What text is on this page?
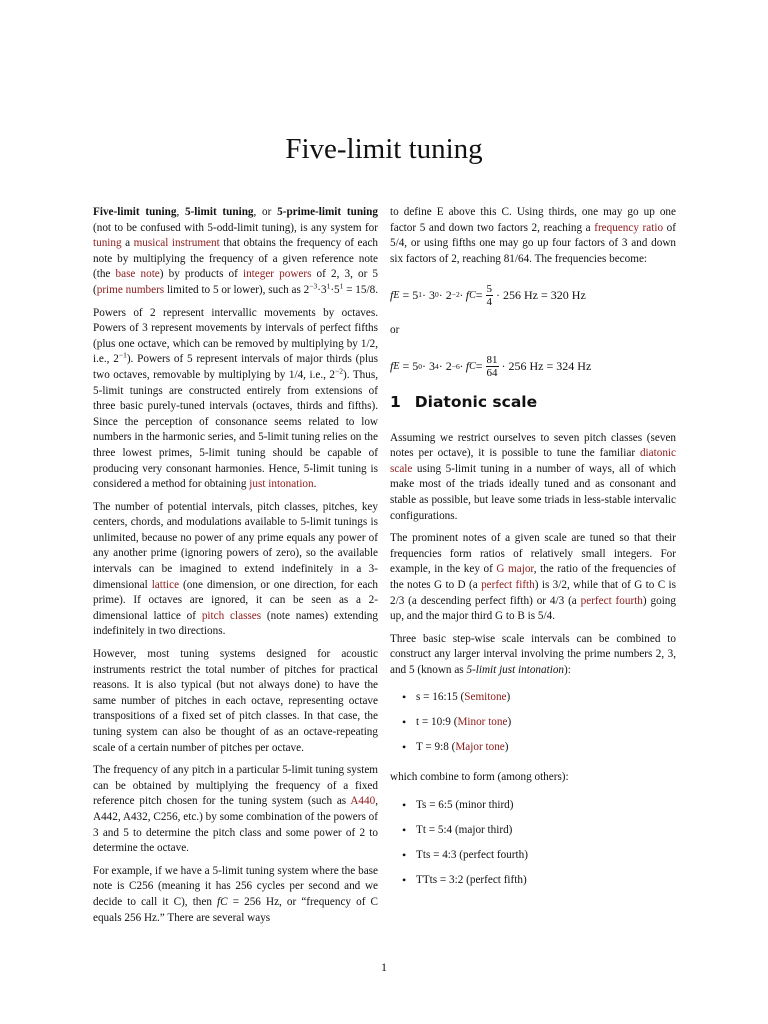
Five-limit tuning

Five-limit tuning, 5-limit tuning, or 5-prime-limit tuning (not to be confused with 5-odd-limit tuning), is any system for tuning a musical instrument that obtains the frequency of each note by multiplying the frequency of a given reference note (the base note) by products of integer powers of 2, 3, or 5 (prime numbers limited to 5 or lower), such as $2^{-3}\cdot 3^1\cdot 5^1 = 15/8$.

Powers of 2 represent intervallic movements by octaves. Powers of 3 represent movements by intervals of perfect fifths (plus one octave, which can be removed by multiplying by 1/2, i.e., $2^{-1}$). Powers of 5 represent intervals of major thirds (plus two octaves, removable by multiplying by 1/4, i.e., $2^{-2}$). Thus, 5-limit tunings are constructed entirely from extensions of three basic purely-tuned intervals (octaves, thirds and fifths). Since the perception of consonance seems related to low numbers in the harmonic series, and 5-limit tuning relies on the three lowest primes, 5-limit tuning should be capable of producing very consonant harmonies. Hence, 5-limit tuning is considered a method for obtaining just intonation.

The number of potential intervals, pitch classes, pitches, key centers, chords, and modulations available to 5-limit tunings is unlimited, because no power of any prime equals any power of any another prime (ignoring powers of zero), so the available intervals can be imagined to extend indefinitely in a 3-dimensional lattice (one dimension, or one direction, for each prime). If octaves are ignored, it can be seen as a 2-dimensional lattice of pitch classes (note names) extending indefinitely in two directions.

However, most tuning systems designed for acoustic instruments restrict the total number of pitches for practical reasons. It is also typical (but not always done) to have the same number of pitches in each octave, representing octave transpositions of a fixed set of pitch classes. In that case, the tuning system can also be thought of as an octave-repeating scale of a certain number of pitches per octave.

The frequency of any pitch in a particular 5-limit tuning system can be obtained by multiplying the frequency of a fixed reference pitch chosen for the tuning system (such as A440, A442, A432, C256, etc.) by some combination of the powers of 3 and 5 to determine the pitch class and some power of 2 to determine the octave.

For example, if we have a 5-limit tuning system where the base note is C256 (meaning it has 256 cycles per second and we decide to call it C), then fC = 256 Hz, or “frequency of C equals 256 Hz.” There are several ways

to define E above this C. Using thirds, one may go up one factor 5 and down two factors 2, reaching a frequency ratio of 5/4, or using fifths one may go up four factors of 3 and down six factors of 2, reaching 81/64. The frequencies become:

f E
= 5 1 · 3 0 · 2 −2 · f $C = \frac{5}{4} \cdot 256$ Hz = 320 Hz

or

f E
= 5 0 · 3 4 · 2 −6 · f $C = \frac{81}{64} \cdot 256$ Hz = 324 Hz
1 Diatonic scale

Assuming we restrict ourselves to seven pitch classes (seven notes per octave), it is possible to tune the familiar diatonic scale using 5-limit tuning in a number of ways, all of which make most of the triads ideally tuned and as consonant and stable as possible, but leave some triads in less-stable intervalic configurations.

The prominent notes of a given scale are tuned so that their frequencies form ratios of relatively small integers. For example, in the key of G major, the ratio of the frequencies of the notes G to D (a perfect fifth) is 3/2, while that of G to C is 2/3 (a descending perfect fifth) or 4/3 (a perfect fourth) going up, and the major third G to B is 5/4.

Three basic step-wise scale intervals can be combined to construct any larger interval involving the prime numbers 2, 3, and 5 (known as 5-limit just intonation):

• s = 16:15 (Semitone)
• t = 10:9 (Minor tone)
• T = 9:8 (Major tone)

which combine to form (among others):

• Ts = 6:5 (minor third)
• Tt = 5:4 (major third)
• Tts = 4:3 (perfect fourth)
• TTts = 3:2 (perfect fifth)
1
